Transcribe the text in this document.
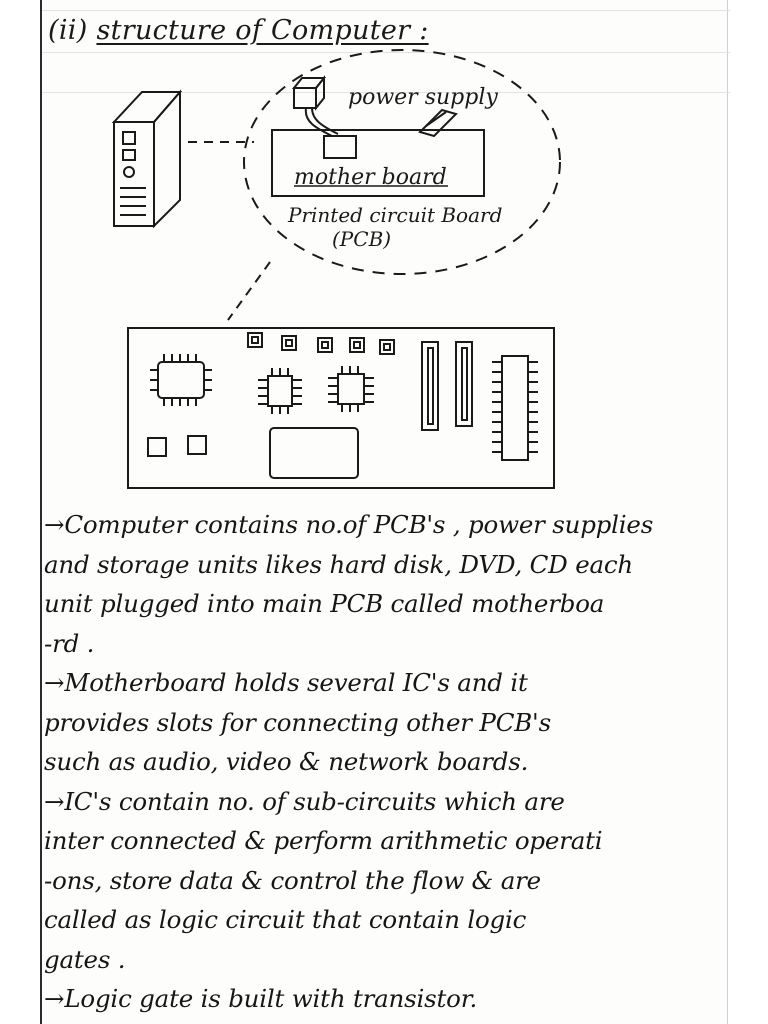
(ii) structure of Computer :
power supply
mother board
Printed circuit Board
(PCB)
→Computer contains no.of PCB's , power supplies
and storage units likes hard disk, DVD, CD each
unit plugged into main PCB called motherboa
-rd .
→Motherboard holds several IC's and it
provides slots for connecting other PCB's
such as audio, video & network boards.
→IC's contain no. of sub-circuits which are
inter connected & perform arithmetic operati
-ons, store data & control the flow & are
called as logic circuit that contain logic
gates .
→Logic gate is built with transistor.
